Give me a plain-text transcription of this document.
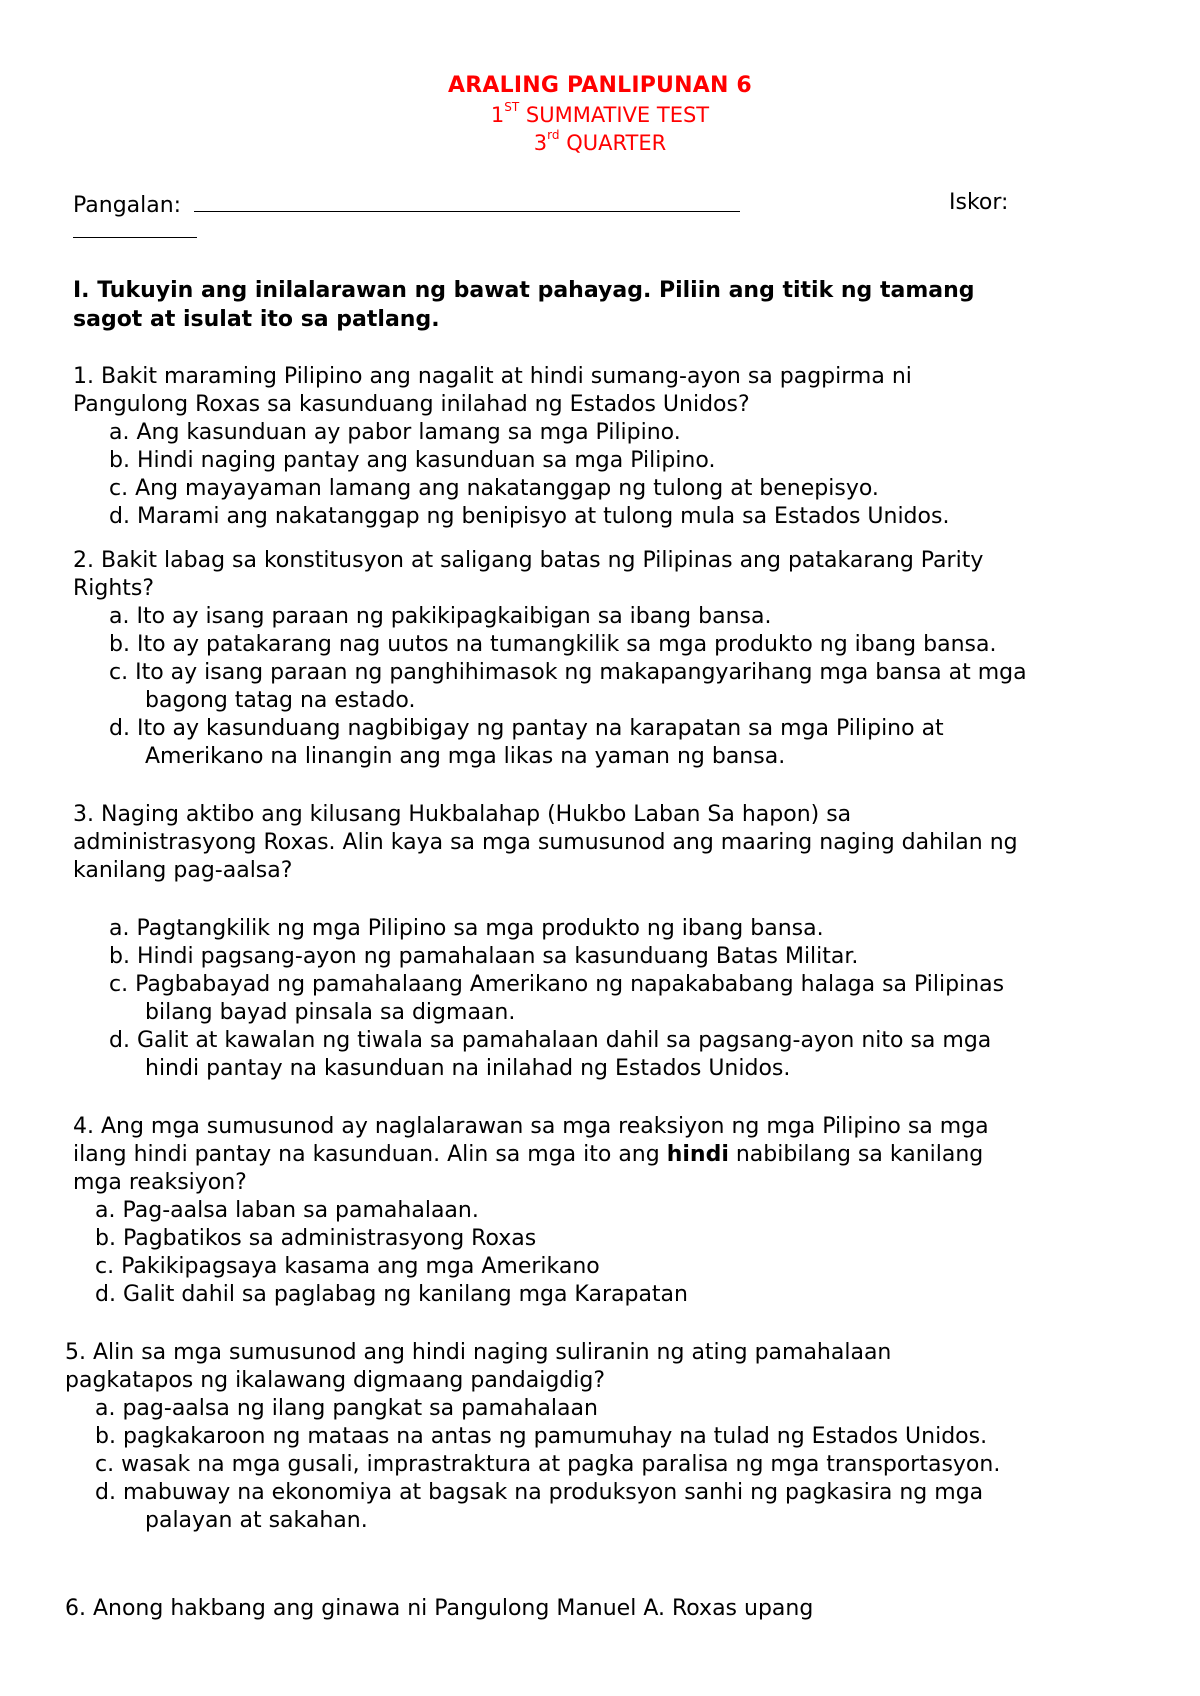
ARALING PANLIPUNAN 6
1ST SUMMATIVE TEST
3rd QUARTER
Pangalan:	Iskor:
I. Tukuyin ang inilalarawan ng bawat pahayag. Piliin ang titik ng tamang
sagot at isulat ito sa patlang.
1. Bakit maraming Pilipino ang nagalit at hindi sumang-ayon sa pagpirma ni
Pangulong Roxas sa kasunduang inilahad ng Estados Unidos?
a. Ang kasunduan ay pabor lamang sa mga Pilipino.
b. Hindi naging pantay ang kasunduan sa mga Pilipino.
c. Ang mayayaman lamang ang nakatanggap ng tulong at benepisyo.
d. Marami ang nakatanggap ng benipisyo at tulong mula sa Estados Unidos.
2. Bakit labag sa konstitusyon at saligang batas ng Pilipinas ang patakarang Parity
Rights?
a. Ito ay isang paraan ng pakikipagkaibigan sa ibang bansa.
b. Ito ay patakarang nag uutos na tumangkilik sa mga produkto ng ibang bansa.
c. Ito ay isang paraan ng panghihimasok ng makapangyarihang mga bansa at mga
bagong tatag na estado.
d. Ito ay kasunduang nagbibigay ng pantay na karapatan sa mga Pilipino at
Amerikano na linangin ang mga likas na yaman ng bansa.
3. Naging aktibo ang kilusang Hukbalahap (Hukbo Laban Sa hapon) sa
administrasyong Roxas. Alin kaya sa mga sumusunod ang maaring naging dahilan ng
kanilang pag-aalsa?
a. Pagtangkilik ng mga Pilipino sa mga produkto ng ibang bansa.
b. Hindi pagsang-ayon ng pamahalaan sa kasunduang Batas Militar.
c. Pagbabayad ng pamahalaang Amerikano ng napakababang halaga sa Pilipinas
bilang bayad pinsala sa digmaan.
d. Galit at kawalan ng tiwala sa pamahalaan dahil sa pagsang-ayon nito sa mga
hindi pantay na kasunduan na inilahad ng Estados Unidos.
4. Ang mga sumusunod ay naglalarawan sa mga reaksiyon ng mga Pilipino sa mga
ilang hindi pantay na kasunduan. Alin sa mga ito ang hindi nabibilang sa kanilang
mga reaksiyon?
a. Pag-aalsa laban sa pamahalaan.
b. Pagbatikos sa administrasyong Roxas
c. Pakikipagsaya kasama ang mga Amerikano
d. Galit dahil sa paglabag ng kanilang mga Karapatan
5. Alin sa mga sumusunod ang hindi naging suliranin ng ating pamahalaan
pagkatapos ng ikalawang digmaang pandaigdig?
a. pag-aalsa ng ilang pangkat sa pamahalaan
b. pagkakaroon ng mataas na antas ng pamumuhay na tulad ng Estados Unidos.
c. wasak na mga gusali, imprastraktura at pagka paralisa ng mga transportasyon.
d. mabuway na ekonomiya at bagsak na produksyon sanhi ng pagkasira ng mga
palayan at sakahan.
6. Anong hakbang ang ginawa ni Pangulong Manuel A. Roxas upang
